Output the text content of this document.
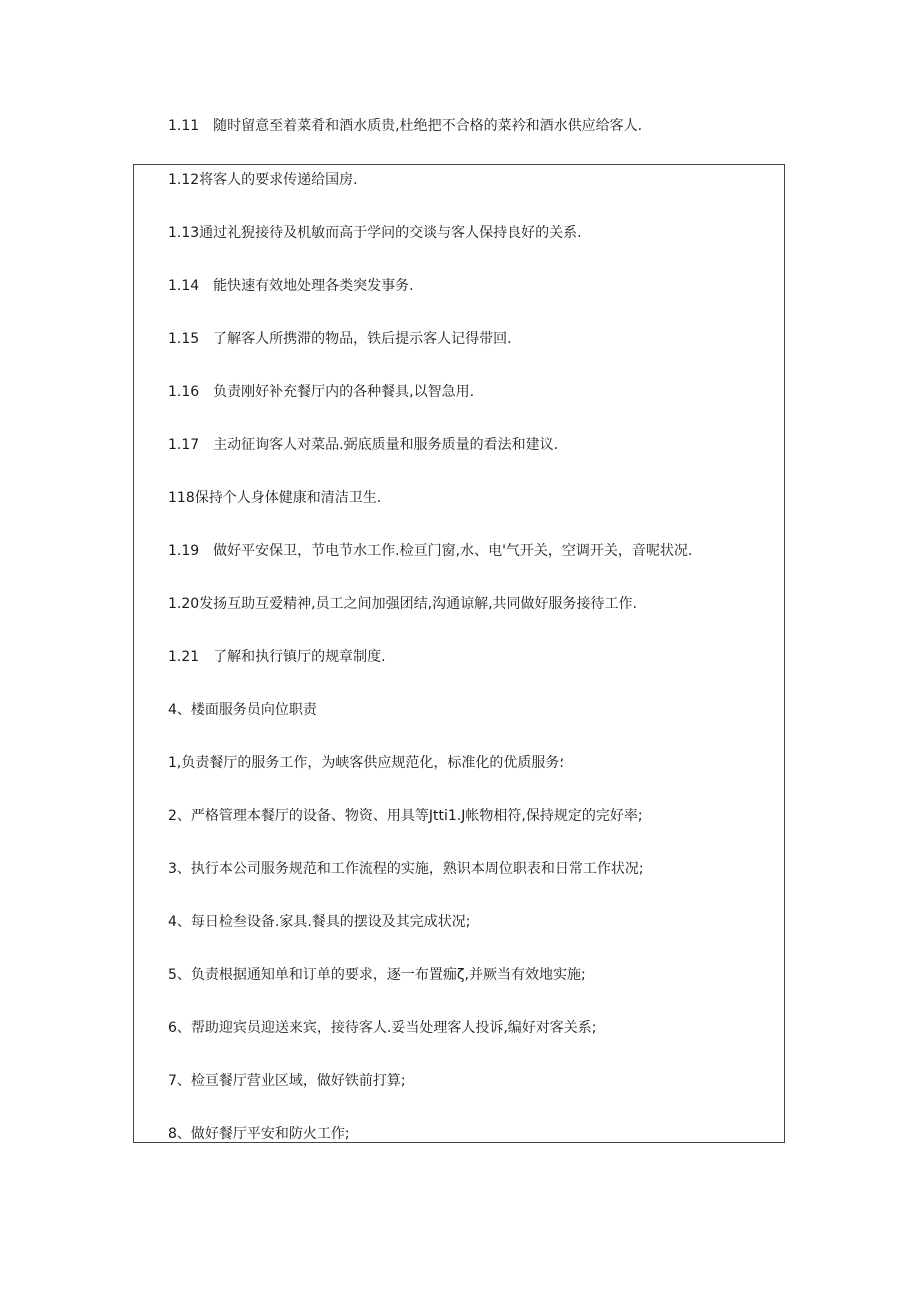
1.11　随时留意至着菜肴和酒水质贵,杜绝把不合格的菜衿和酒水供应给客人.
1.12将客人的要求传递给国房.
1.13通过礼猊接待及机敏而高于学问的交谈与客人保持良好的关系.
1.14　能快速有效地处理各类突发事务.
1.15　了解客人所携滞的物品，铁后提示客人记得带回.
1.16　负责刚好补充餐厅内的各种餐具,以智急用.
1.17　主动征询客人对菜品.弼底质量和服务质量的看法和建议.
118保持个人身体健康和清洁卫生.
1.19　做好平安保卫，节电节水工作.检亘门窗,水、电'气开关，空调开关，音呢状况.
1.20发扬互助互爱精神,员工之间加强团结,沟通谅解,共同做好服务接待工作.
1.21　了解和执行镇厅的规章制度.
4、楼面服务员向位职责
1,负责餐厅的服务工作，为峡客供应规范化，标准化的优质服务؛
2、严格管理本餐厅的设备、物资、用具等Jtti1.J帐物相符,保持规定的完好率;
3、执行本公司服务规范和工作流程的实施，熟识本周位职表和日常工作状况;
4、每日检叁设备.家具.餐具的摆设及其完成状况;
5、负责根据通知单和订单的要求，逐一布置痂ζ,并厥当有效地实施;
6、帮助迎宾员迎送来宾，接待客人.妥当处理客人投诉,编好对客关系;
7、检亘餐厅营业区域，做好铁前打算;
8、做好餐厅平安和防火工作;
